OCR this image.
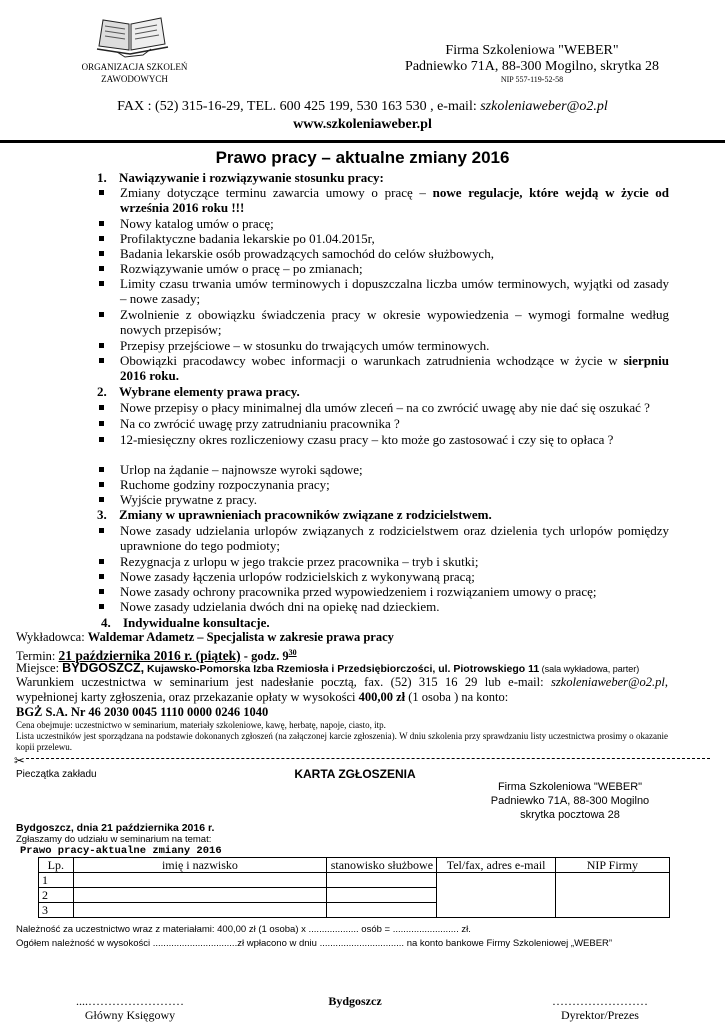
ORGANIZACJA SZKOLEŃ
ZAWODOWYCH
Firma Szkoleniowa "WEBER"
Padniewko 71A, 88-300 Mogilno, skrytka 28
NIP 557-119-52-58
FAX : (52) 315-16-29, TEL. 600 425 199, 530 163 530 , e-mail: szkoleniaweber@o2.pl
www.szkoleniaweber.pl
Prawo pracy – aktualne zmiany 2016
1. Nawiązywanie i rozwiązywanie stosunku pracy:
Zmiany dotyczące terminu zawarcia umowy o pracę – nowe regulacje, które wejdą w życie od września 2016 roku !!!
Nowy katalog umów o pracę;
Profilaktyczne badania lekarskie po 01.04.2015r,
Badania lekarskie osób prowadzących samochód do celów służbowych,
Rozwiązywanie umów o pracę – po zmianach;
Limity czasu trwania umów terminowych i dopuszczalna liczba umów terminowych, wyjątki od zasady – nowe zasady;
Zwolnienie z obowiązku świadczenia pracy w okresie wypowiedzenia – wymogi formalne według nowych przepisów;
Przepisy przejściowe – w stosunku do trwających umów terminowych.
Obowiązki pracodawcy wobec informacji o warunkach zatrudnienia wchodzące w życie w sierpniu 2016 roku.
2. Wybrane elementy prawa pracy.
Nowe przepisy o płacy minimalnej dla umów zleceń – na co zwrócić uwagę aby nie dać się oszukać ?
Na co zwrócić uwagę przy zatrudnianiu pracownika ?
12-miesięczny okres rozliczeniowy czasu pracy – kto może go zastosować i czy się to opłaca ?
Urlop na żądanie – najnowsze wyroki sądowe;
Ruchome godziny rozpoczynania pracy;
Wyjście prywatne z pracy.
3. Zmiany w uprawnieniach pracowników związane z rodzicielstwem.
Nowe zasady udzielania urlopów związanych z rodzicielstwem oraz dzielenia tych urlopów pomiędzy uprawnione do tego podmioty;
Rezygnacja z urlopu w jego trakcie przez pracownika – tryb i skutki;
Nowe zasady łączenia urlopów rodzicielskich z wykonywaną pracą;
Nowe zasady ochrony pracownika przed wypowiedzeniem i rozwiązaniem umowy o pracę;
Nowe zasady udzielania dwóch dni na opiekę nad dzieckiem.
4. Indywidualne konsultacje.
Wykładowca: Waldemar Adametz – Specjalista w zakresie prawa pracy
Termin: 21 października 2016 r. (piątek) - godz. $9^{30}$
Miejsce: BYDGOSZCZ, Kujawsko-Pomorska Izba Rzemiosła i Przedsiębiorczości, ul. Piotrowskiego 11 (sala wykładowa, parter)
Warunkiem uczestnictwa w seminarium jest nadesłanie pocztą, fax. (52) 315 16 29 lub e-mail: szkoleniaweber@o2.pl, wypełnionej karty zgłoszenia, oraz przekazanie opłaty w wysokości 400,00 zł (1 osoba ) na konto:
BGŻ S.A. Nr 46 2030 0045 1110 0000 0246 1040
Cena obejmuje: uczestnictwo w seminarium, materiały szkoleniowe, kawę, herbatę, napoje, ciasto, itp.
Lista uczestników jest sporządzana na podstawie dokonanych zgłoszeń (na załączonej karcie zgłoszenia). W dniu szkolenia przy sprawdzaniu listy uczestnictwa prosimy o okazanie kopii przelewu.
✂
Pieczątka zakładu	KARTA ZGŁOSZENIA
Firma Szkoleniowa "WEBER"
Padniewko 71A, 88-300 Mogilno
skrytka pocztowa 28
Bydgoszcz, dnia 21 października 2016 r.
Zgłaszamy do udziału w seminarium na temat:
Prawo pracy-aktualne zmiany 2016
Lp.	imię i nazwisko	stanowisko służbowe	Tel/fax, adres e-mail	NIP Firmy
1				
2				
3				
Należność za uczestnictwo wraz z materiałami: 400,00 zł (1 osoba) x ................... osób = ......................... zł.
Ogółem należność w wysokości ................................zł wpłacono w dniu ................................ na konto bankowe Firmy Szkoleniowej „WEBER”
....……………………
Główny Księgowy
Bydgoszcz	……………………
Dyrektor/Prezes
